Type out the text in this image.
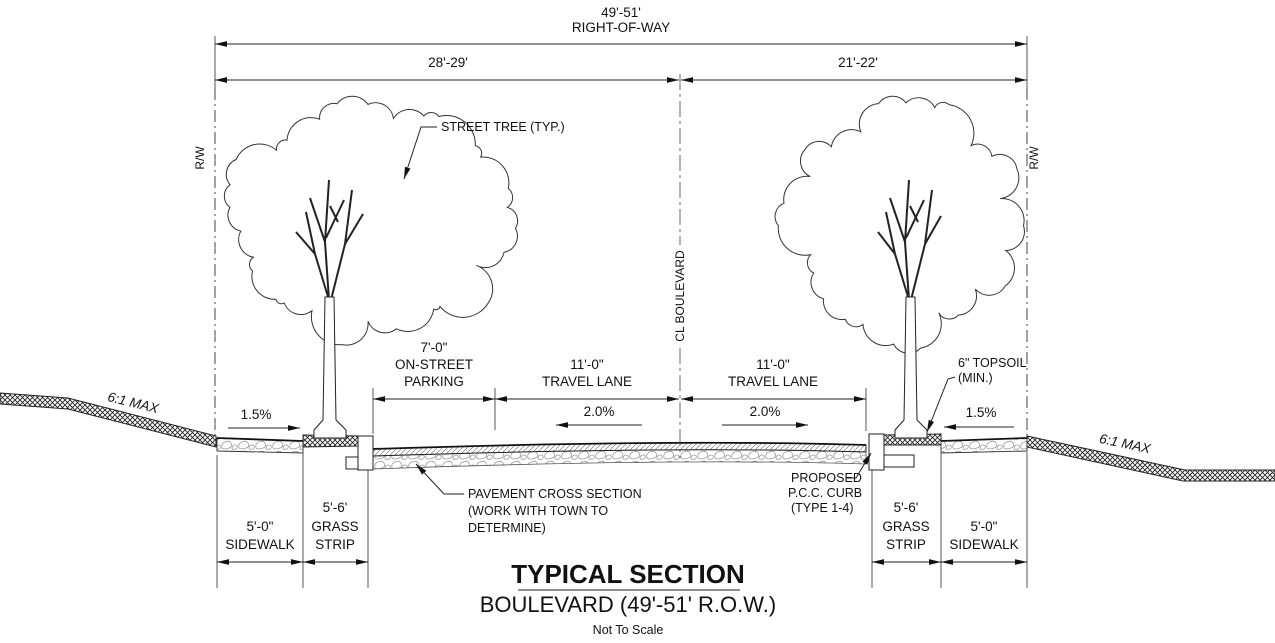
49'-51'
RIGHT-OF-WAY
28'-29'	21'-22'
7'-0"
ON-STREET
PARKING
11'-0"
TRAVEL LANE
11'-0"
TRAVEL LANE
5'-0"
SIDEWALK
5'-6'
GRASS
STRIP
5'-6'
GRASS
STRIP
5'-0"
SIDEWALK
1.5%	2.0%	2.0%	1.5%
6:1 MAX
6:1 MAX
STREET TREE (TYP.)
6" TOPSOIL
(MIN.)
PAVEMENT CROSS SECTION
(WORK WITH TOWN TO
DETERMINE)
PROPOSED
P.C.C. CURB
(TYPE 1-4)
R/W	R/W
CL BOULEVARD
TYPICAL SECTION
BOULEVARD (49'-51' R.O.W.)
Not To Scale
